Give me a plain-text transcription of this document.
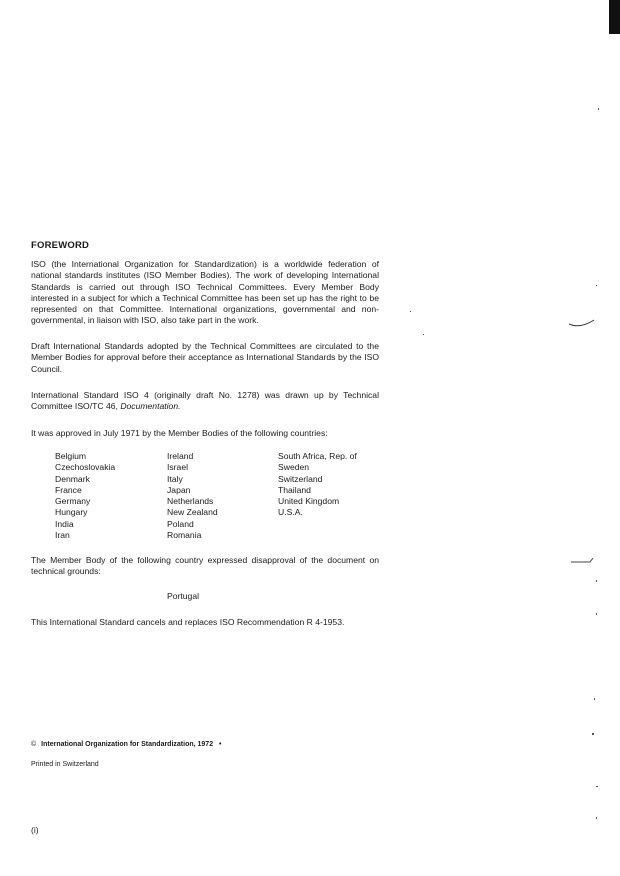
FOREWORD

ISO (the International Organization for Standardization) is a worldwide federation of national standards institutes (ISO Member Bodies). The work of developing International Standards is carried out through ISO Technical Committees. Every Member Body interested in a subject for which a Technical Committee has been set up has the right to be represented on that Committee. International organizations, governmental and non-governmental, in liaison with ISO, also take part in the work.

Draft International Standards adopted by the Technical Committees are circulated to the Member Bodies for approval before their acceptance as International Standards by the ISO Council.

International Standard ISO 4 (originally draft No. 1278) was drawn up by Technical Committee ISO/TC 46, Documentation.

It was approved in July 1971 by the Member Bodies of the following countries:

Belgium
Czechoslovakia
Denmark
France
Germany
Hungary
India
Iran
Ireland
Israel
Italy
Japan
Netherlands
New Zealand
Poland
Romania
South Africa, Rep. of
Sweden
Switzerland
Thailand
United Kingdom
U.S.A.

The Member Body of the following country expressed disapproval of the document on technical grounds:

Portugal

This International Standard cancels and replaces ISO Recommendation R 4-1953.

© International Organization for Standardization, 1972 •
Printed in Switzerland
(i)
